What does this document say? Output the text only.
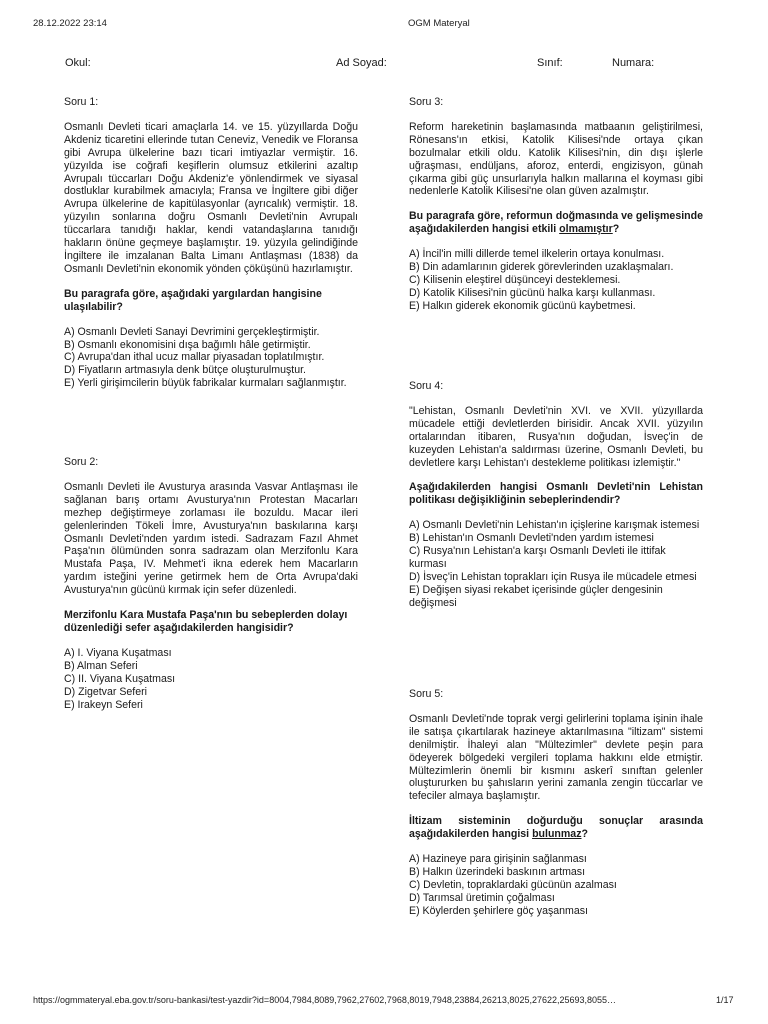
28.12.2022 23:14	OGM Materyal
Okul:	Ad Soyad:	Sınıf:	Numara:

Soru 1:

Osmanlı Devleti ticari amaçlarla 14. ve 15. yüzyıllarda Doğu Akdeniz ticaretini ellerinde tutan Ceneviz, Venedik ve Floransa gibi Avrupa ülkelerine bazı ticari imtiyazlar vermiştir. 16. yüzyılda ise coğrafi keşiflerin olumsuz etkilerini azaltıp Avrupalı tüccarları Doğu Akdeniz'e yönlendirmek ve siyasal dostluklar kurabilmek amacıyla; Fransa ve İngiltere gibi diğer Avrupa ülkelerine de kapitülasyonlar (ayrıcalık) vermiştir. 18. yüzyılın sonlarına doğru Osmanlı Devleti'nin Avrupalı tüccarlara tanıdığı haklar, kendi vatandaşlarına tanıdığı hakların önüne geçmeye başlamıştır. 19. yüzyıla gelindiğinde İngiltere ile imzalanan Balta Limanı Antlaşması (1838) da Osmanlı Devleti'nin ekonomik yönden çöküşünü hazırlamıştır.

Bu paragrafa göre, aşağıdaki yargılardan hangisine ulaşılabilir?

A) Osmanlı Devleti Sanayi Devrimini gerçekleştirmiştir.
B) Osmanlı ekonomisini dışa bağımlı hâle getirmiştir.
C) Avrupa'dan ithal ucuz mallar piyasadan toplatılmıştır.
D) Fiyatların artmasıyla denk bütçe oluşturulmuştur.
E) Yerli girişimcilerin büyük fabrikalar kurmaları sağlanmıştır.

Soru 2:

Osmanlı Devleti ile Avusturya arasında Vasvar Antlaşması ile sağlanan barış ortamı Avusturya'nın Protestan Macarları mezhep değiştirmeye zorlaması ile bozuldu. Macar ileri gelenlerinden Tökeli İmre, Avusturya'nın baskılarına karşı Osmanlı Devleti'nden yardım istedi. Sadrazam Fazıl Ahmet Paşa'nın ölümünden sonra sadrazam olan Merzifonlu Kara Mustafa Paşa, IV. Mehmet'i ikna ederek hem Macarların yardım isteğini yerine getirmek hem de Orta Avrupa'daki Avusturya'nın gücünü kırmak için sefer düzenledi.

Merzifonlu Kara Mustafa Paşa'nın bu sebeplerden dolayı düzenlediği sefer aşağıdakilerden hangisidir?

A) I. Viyana Kuşatması
B) Alman Seferi
C) II. Viyana Kuşatması
D) Zigetvar Seferi
E) Irakeyn Seferi

Soru 3:

Reform hareketinin başlamasında matbaanın geliştirilmesi, Rönesans'ın etkisi, Katolik Kilisesi'nde ortaya çıkan bozulmalar etkili oldu. Katolik Kilisesi'nin, din dışı işlerle uğraşması, endüljans, aforoz, enterdi, engizisyon, günah çıkarma gibi güç unsurlarıyla halkın mallarına el koyması gibi nedenlerle Katolik Kilisesi'ne olan güven azalmıştır.

Bu paragrafa göre, reformun doğmasında ve gelişmesinde aşağıdakilerden hangisi etkili olmamıştır?

A) İncil'in milli dillerde temel ilkelerin ortaya konulması.
B) Din adamlarının giderek görevlerinden uzaklaşmaları.
C) Kilisenin eleştirel düşünceyi desteklemesi.
D) Katolik Kilisesi'nin gücünü halka karşı kullanması.
E) Halkın giderek ekonomik gücünü kaybetmesi.

Soru 4:

"Lehistan, Osmanlı Devleti'nin XVI. ve XVII. yüzyıllarda mücadele ettiği devletlerden birisidir. Ancak XVII. yüzyılın ortalarından itibaren, Rusya'nın doğudan, İsveç'in de kuzeyden Lehistan'a saldırması üzerine, Osmanlı Devleti, bu devletlere karşı Lehistan'ı destekleme politikası izlemiştir."

Aşağıdakilerden hangisi Osmanlı Devleti'nin Lehistan politikası değişikliğinin sebeplerindendir?

A) Osmanlı Devleti'nin Lehistan'ın içişlerine karışmak istemesi
B) Lehistan'ın Osmanlı Devleti'nden yardım istemesi
C) Rusya'nın Lehistan'a karşı Osmanlı Devleti ile ittifak kurması
D) İsveç'in Lehistan toprakları için Rusya ile mücadele etmesi
E) Değişen siyasi rekabet içerisinde güçler dengesinin değişmesi

Soru 5:

Osmanlı Devleti'nde toprak vergi gelirlerini toplama işinin ihale ile satışa çıkartılarak hazineye aktarılmasına "iltizam" sistemi denilmiştir. İhaleyi alan "Mültezimler" devlete peşin para ödeyerek bölgedeki vergileri toplama hakkını elde etmiştir. Mültezimlerin önemli bir kısmını askerî sınıftan gelenler oluştururken bu şahısların yerini zamanla zengin tüccarlar ve tefeciler almaya başlamıştır.

İltizam sisteminin doğurduğu sonuçlar arasında aşağıdakilerden hangisi bulunmaz?

A) Hazineye para girişinin sağlanması
B) Halkın üzerindeki baskının artması
C) Devletin, topraklardaki gücünün azalması
D) Tarımsal üretimin çoğalması
E) Köylerden şehirlere göç yaşanması
https://ogmmateryal.eba.gov.tr/soru-bankasi/test-yazdir?id=8004,7984,8089,7962,27602,7968,8019,7948,23884,26213,8025,27622,25693,8055…	1/17
